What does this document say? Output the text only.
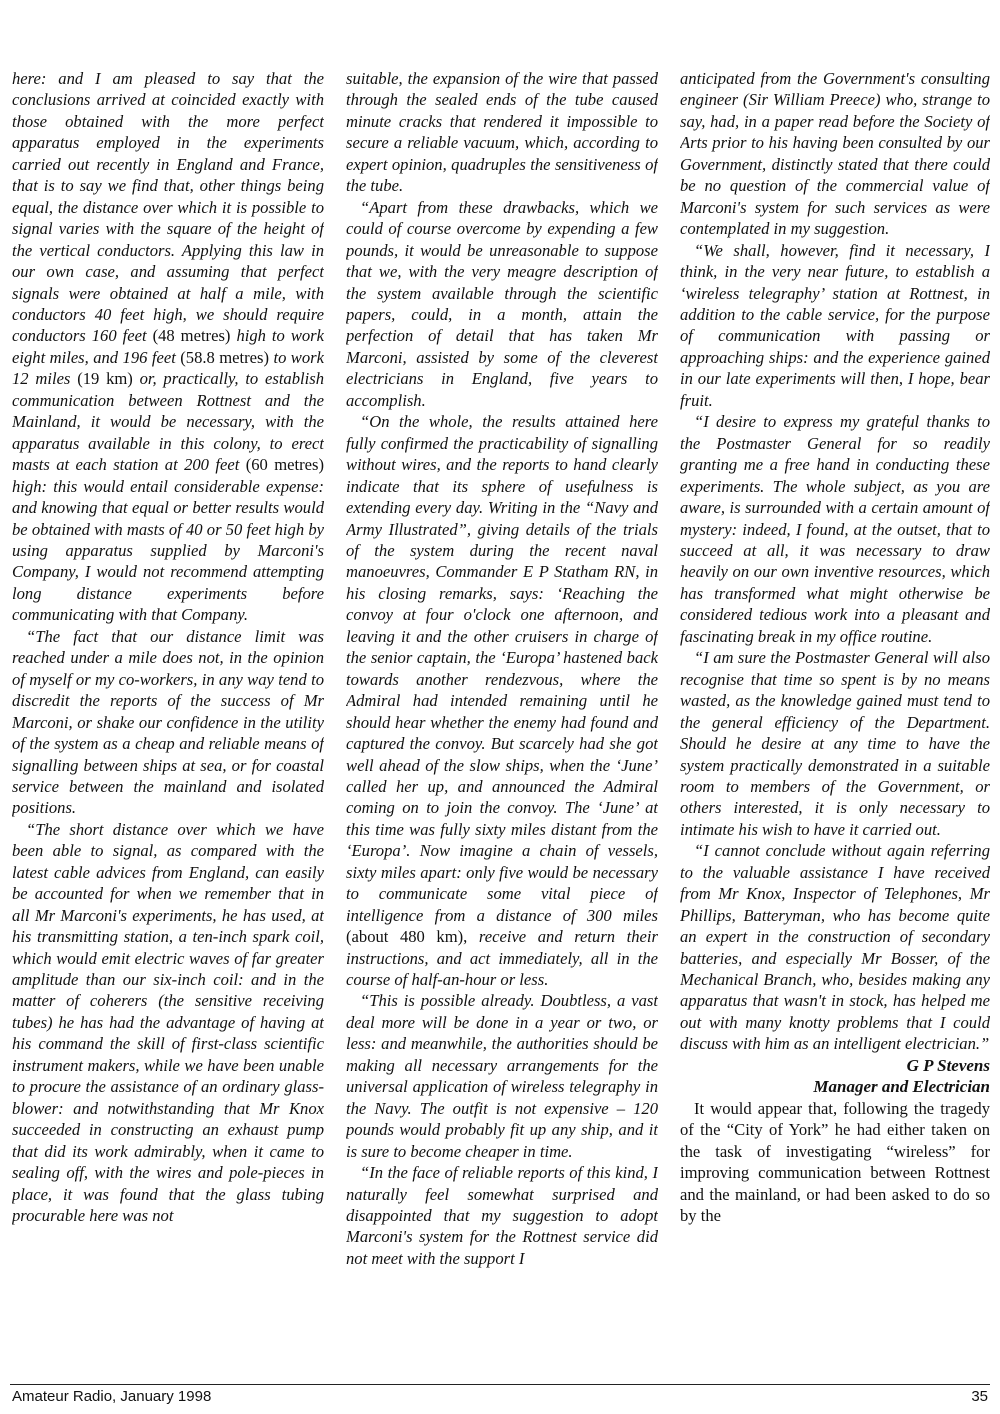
here: and I am pleased to say that the conclusions arrived at coincided exactly with those obtained with the more perfect apparatus employed in the experiments carried out recently in England and France, that is to say we find that, other things being equal, the distance over which it is possible to signal varies with the square of the height of the vertical conductors. Applying this law in our own case, and assuming that perfect signals were obtained at half a mile, with conductors 40 feet high, we should require conductors 160 feet (48 metres) high to work eight miles, and 196 feet (58.8 metres) to work 12 miles (19 km) or, practically, to establish communication between Rottnest and the Mainland, it would be necessary, with the apparatus available in this colony, to erect masts at each station at 200 feet (60 metres) high: this would entail considerable expense: and knowing that equal or better results would be obtained with masts of 40 or 50 feet high by using apparatus supplied by Marconi's Company, I would not recommend attempting long distance experiments before communicating with that Company.

“The fact that our distance limit was reached under a mile does not, in the opinion of myself or my co-workers, in any way tend to discredit the reports of the success of Mr Marconi, or shake our confidence in the utility of the system as a cheap and reliable means of signalling between ships at sea, or for coastal service between the mainland and isolated positions.

“The short distance over which we have been able to signal, as compared with the latest cable advices from England, can easily be accounted for when we remember that in all Mr Marconi's experiments, he has used, at his transmitting station, a ten-inch spark coil, which would emit electric waves of far greater amplitude than our six-inch coil: and in the matter of coherers (the sensitive receiving tubes) he has had the advantage of having at his command the skill of first-class scientific instrument makers, while we have been unable to procure the assistance of an ordinary glass-blower: and notwithstanding that Mr Knox succeeded in constructing an exhaust pump that did its work admirably, when it came to sealing off, with the wires and pole-pieces in place, it was found that the glass tubing procurable here was not

suitable, the expansion of the wire that passed through the sealed ends of the tube caused minute cracks that rendered it impossible to secure a reliable vacuum, which, according to expert opinion, quadruples the sensitiveness of the tube.

“Apart from these drawbacks, which we could of course overcome by expending a few pounds, it would be unreasonable to suppose that we, with the very meagre description of the system available through the scientific papers, could, in a month, attain the perfection of detail that has taken Mr Marconi, assisted by some of the cleverest electricians in England, five years to accomplish.

“On the whole, the results attained here fully confirmed the practicability of signalling without wires, and the reports to hand clearly indicate that its sphere of usefulness is extending every day. Writing in the “Navy and Army Illustrated”, giving details of the trials of the system during the recent naval manoeuvres, Commander E P Statham RN, in his closing remarks, says: ‘Reaching the convoy at four o'clock one afternoon, and leaving it and the other cruisers in charge of the senior captain, the ‘Europa’ hastened back towards another rendezvous, where the Admiral had intended remaining until he should hear whether the enemy had found and captured the convoy. But scarcely had she got well ahead of the slow ships, when the ‘June’ called her up, and announced the Admiral coming on to join the convoy. The ‘June’ at this time was fully sixty miles distant from the ‘Europa’. Now imagine a chain of vessels, sixty miles apart: only five would be necessary to communicate some vital piece of intelligence from a distance of 300 miles (about 480 km), receive and return their instructions, and act immediately, all in the course of half-an-hour or less.

“This is possible already. Doubtless, a vast deal more will be done in a year or two, or less: and meanwhile, the authorities should be making all necessary arrangements for the universal application of wireless telegraphy in the Navy. The outfit is not expensive – 120 pounds would probably fit up any ship, and it is sure to become cheaper in time.

“In the face of reliable reports of this kind, I naturally feel somewhat surprised and disappointed that my suggestion to adopt Marconi's system for the Rottnest service did not meet with the support I

anticipated from the Government's consulting engineer (Sir William Preece) who, strange to say, had, in a paper read before the Society of Arts prior to his having been consulted by our Government, distinctly stated that there could be no question of the commercial value of Marconi's system for such services as were contemplated in my suggestion.

“We shall, however, find it necessary, I think, in the very near future, to establish a ‘wireless telegraphy’ station at Rottnest, in addition to the cable service, for the purpose of communication with passing or approaching ships: and the experience gained in our late experiments will then, I hope, bear fruit.

“I desire to express my grateful thanks to the Postmaster General for so readily granting me a free hand in conducting these experiments. The whole subject, as you are aware, is surrounded with a certain amount of mystery: indeed, I found, at the outset, that to succeed at all, it was necessary to draw heavily on our own inventive resources, which has transformed what might otherwise be considered tedious work into a pleasant and fascinating break in my office routine.

“I am sure the Postmaster General will also recognise that time so spent is by no means wasted, as the knowledge gained must tend to the general efficiency of the Department. Should he desire at any time to have the system practically demonstrated in a suitable room to members of the Government, or others interested, it is only necessary to intimate his wish to have it carried out.

“I cannot conclude without again referring to the valuable assistance I have received from Mr Knox, Inspector of Telephones, Mr Phillips, Batteryman, who has become quite an expert in the construction of secondary batteries, and especially Mr Bosser, of the Mechanical Branch, who, besides making any apparatus that wasn't in stock, has helped me out with many knotty problems that I could discuss with him as an intelligent electrician.”

G P Stevens

Manager and Electrician

It would appear that, following the tragedy of the “City of York” he had either taken on the task of investigating “wireless” for improving communication between Rottnest and the mainland, or had been asked to do so by the

Amateur Radio, January 1998	35
